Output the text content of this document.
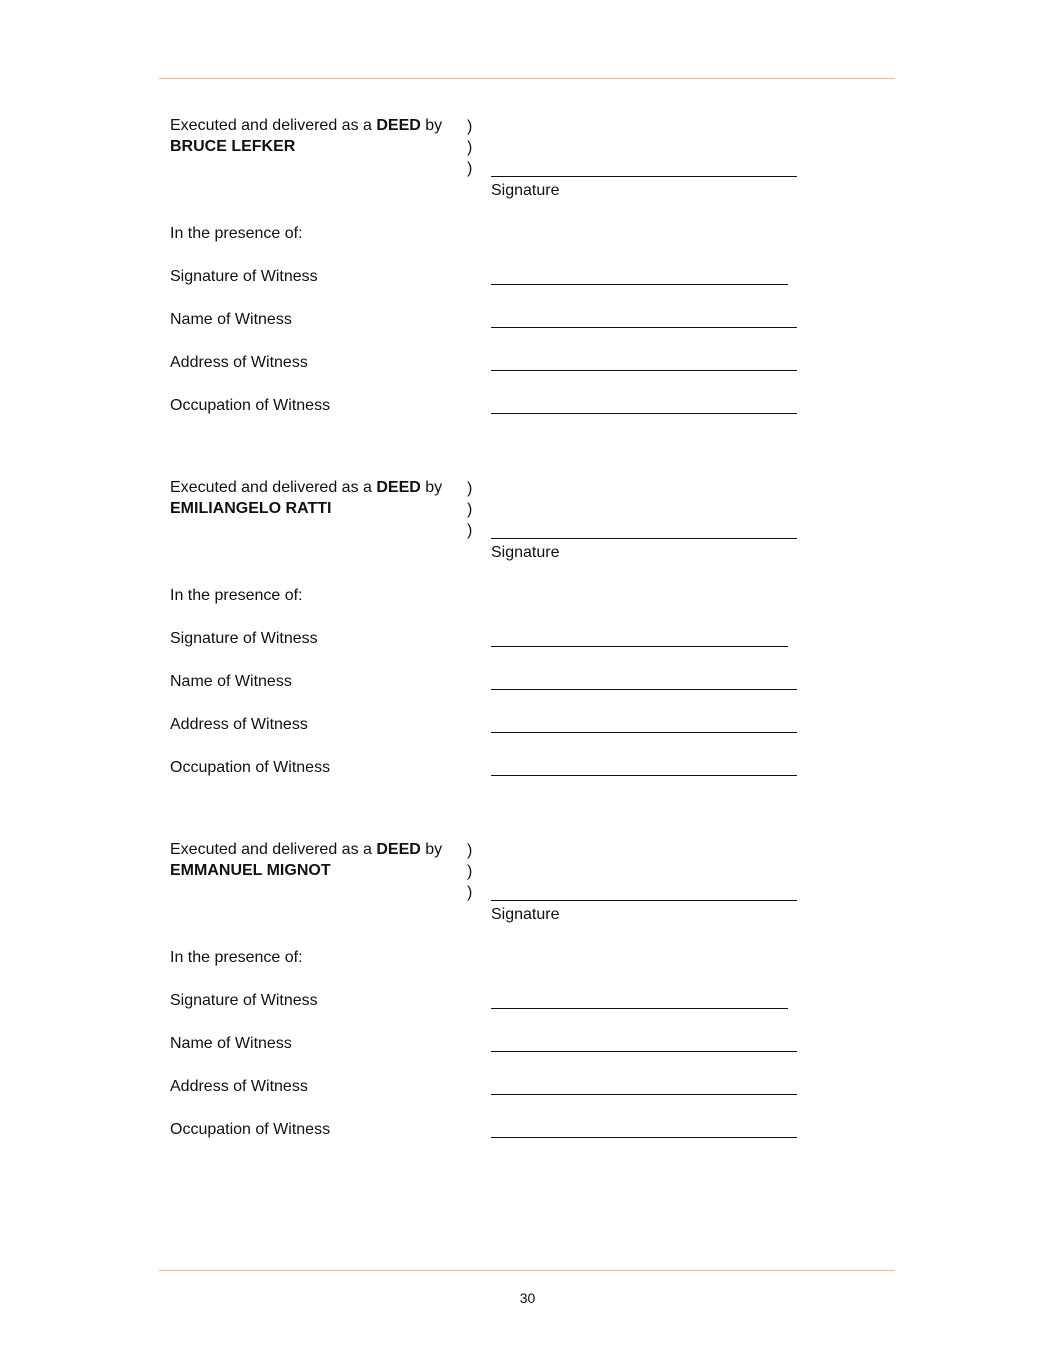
Executed and delivered as a DEED by
BRUCE LEFKER
)
)
)
Signature
In the presence of:
Signature of Witness
Name of Witness
Address of Witness
Occupation of Witness
Executed and delivered as a DEED by
EMILIANGELO RATTI
)
)
)
Signature
In the presence of:
Signature of Witness
Name of Witness
Address of Witness
Occupation of Witness
Executed and delivered as a DEED by
EMMANUEL MIGNOT
)
)
)
Signature
In the presence of:
Signature of Witness
Name of Witness
Address of Witness
Occupation of Witness
30
